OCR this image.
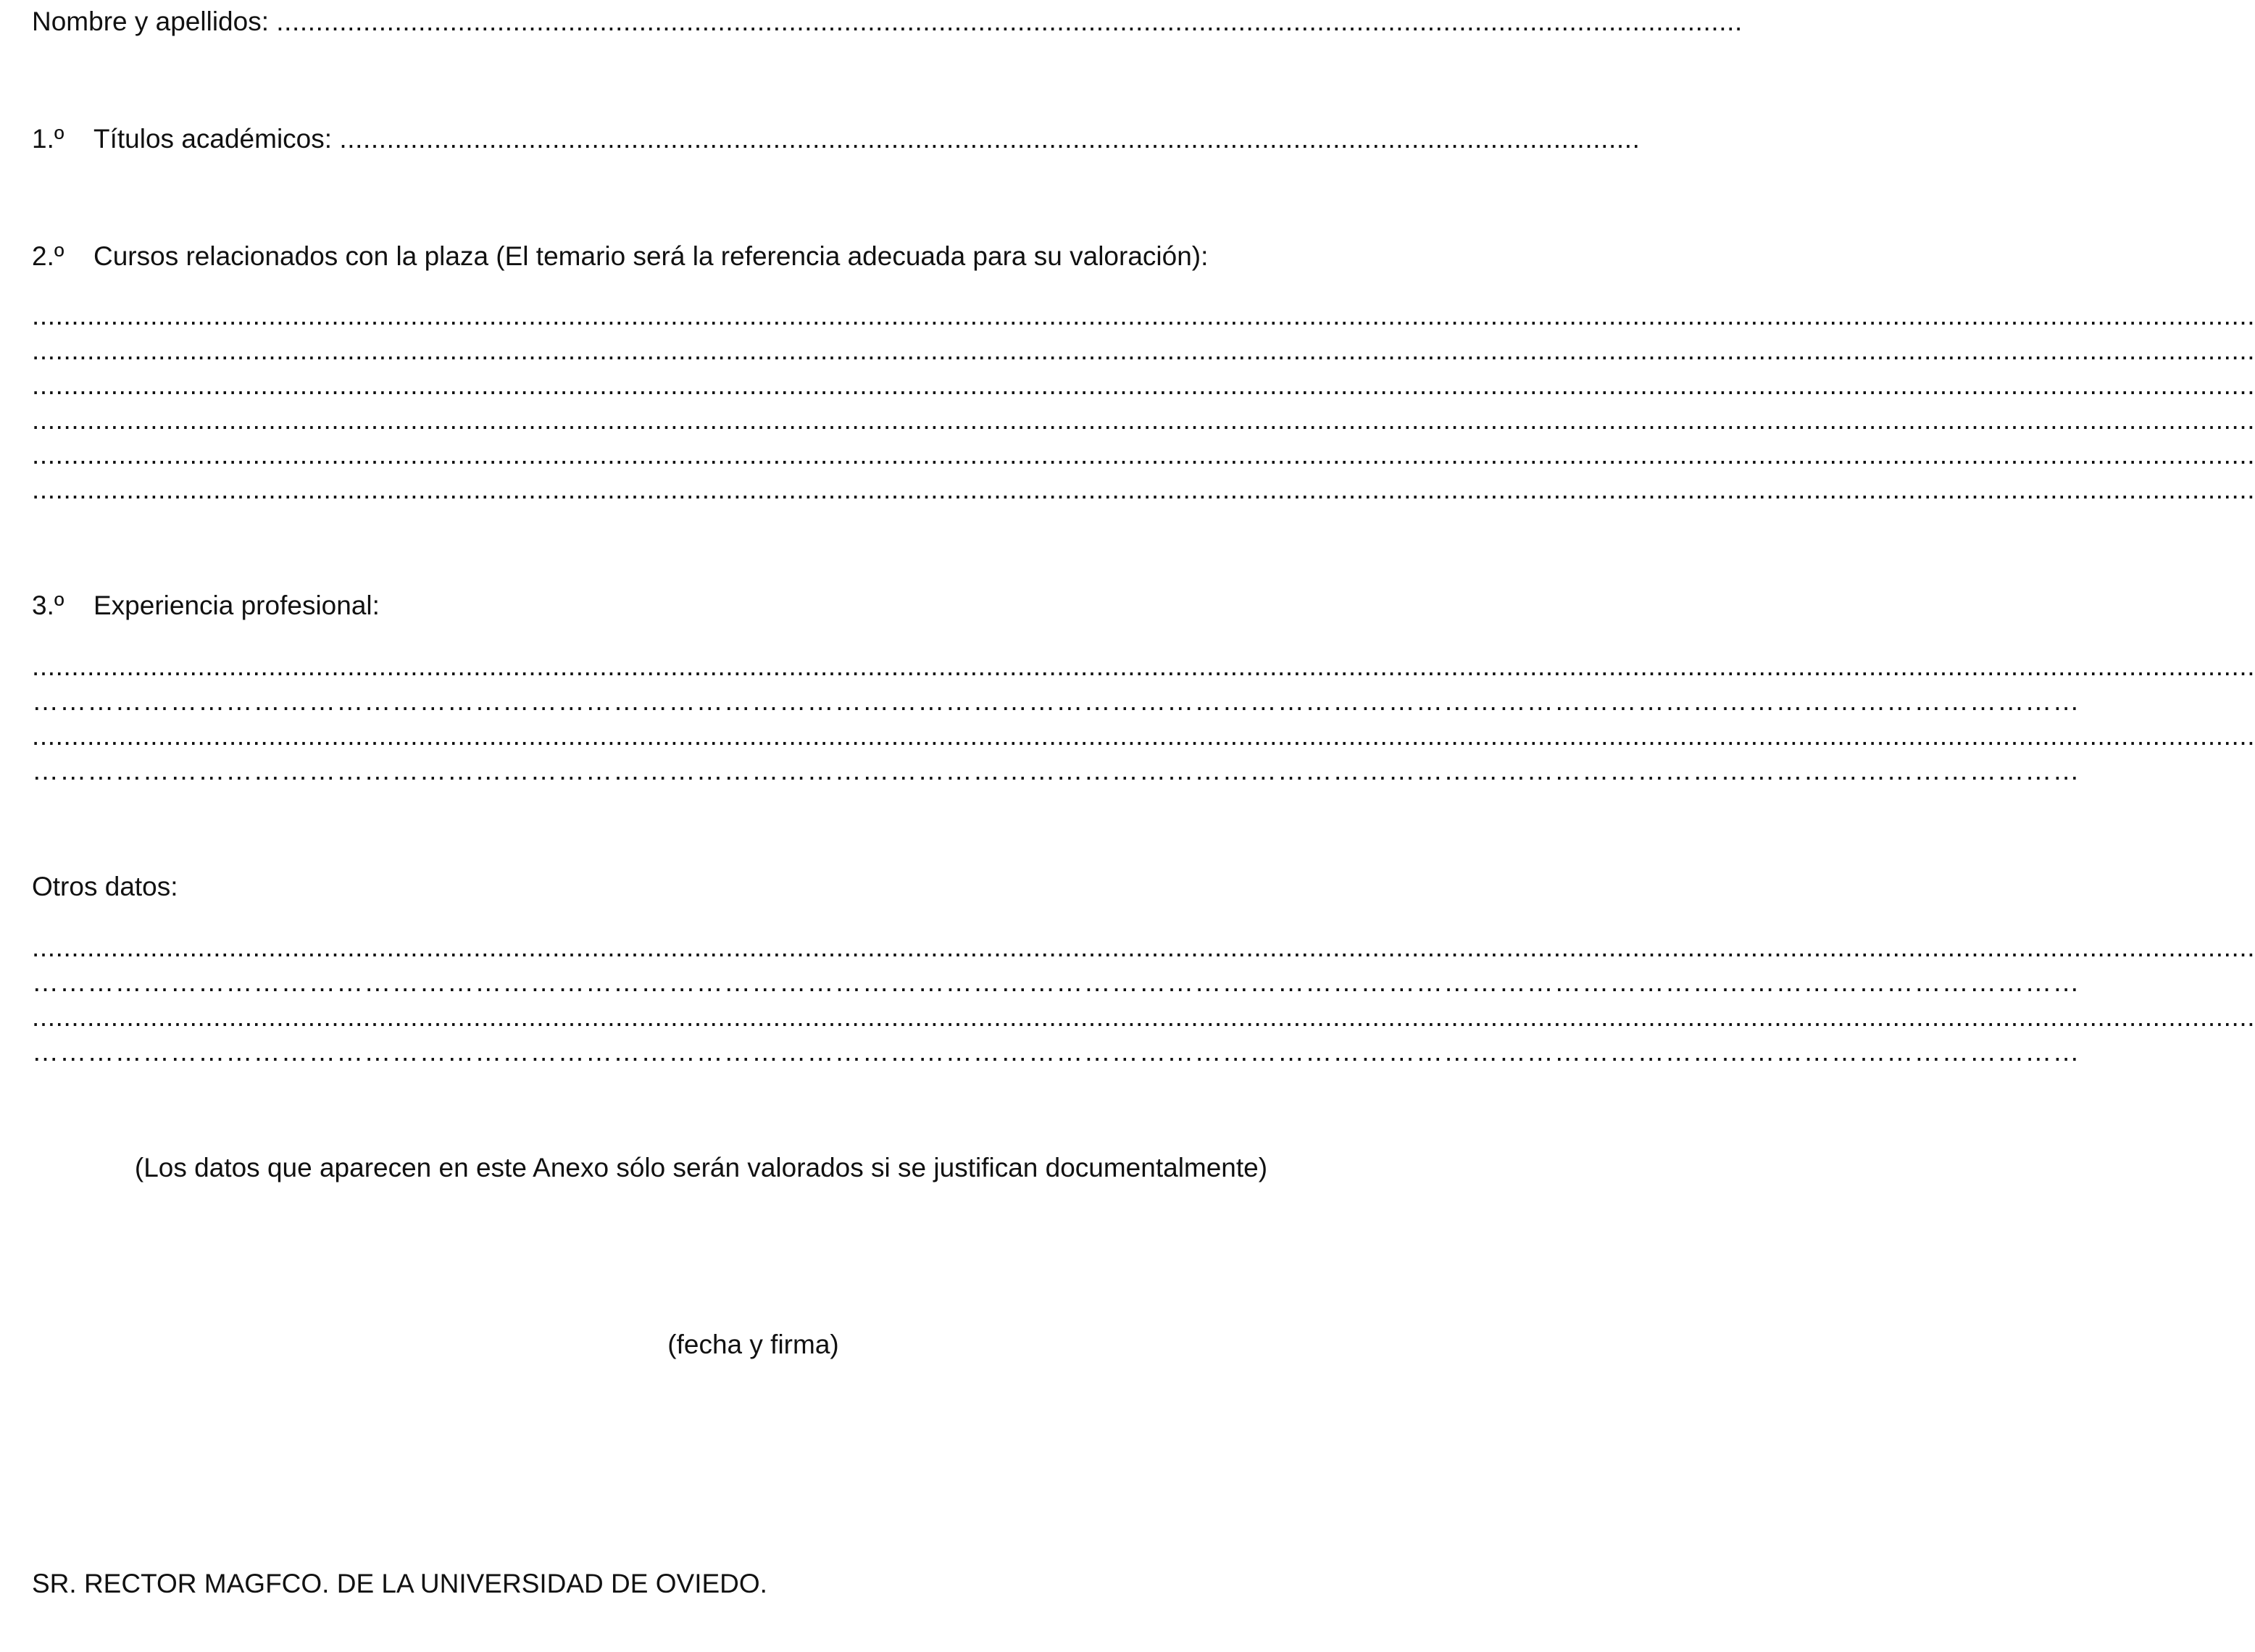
Nombre y apellidos: ..........................................................................................................................................................................................
1.º Títulos académicos: .....................................................................................................................................................................
2.º Cursos relacionados con la plaza (El temario será la referencia adecuada para su valoración):
..........................................................................................................................................................................................................................................................................................
..........................................................................................................................................................................................................................................................................................
..........................................................................................................................................................................................................................................................................................
..........................................................................................................................................................................................................................................................................................
..........................................................................................................................................................................................................................................................................................
..........................................................................................................................................................................................................................................................................................
3.º Experiencia profesional:
..........................................................................................................................................................................................................................................................................................
……………………………………………………………………………………………………………………………………………………………………………………………………
..........................................................................................................................................................................................................................................................................................
……………………………………………………………………………………………………………………………………………………………………………………………………
Otros datos:
..........................................................................................................................................................................................................................................................................................
……………………………………………………………………………………………………………………………………………………………………………………………………
..........................................................................................................................................................................................................................................................................................
……………………………………………………………………………………………………………………………………………………………………………………………………
(Los datos que aparecen en este Anexo sólo serán valorados si se justifican documentalmente)
(fecha y firma)
SR. RECTOR MAGFCO. DE LA UNIVERSIDAD DE OVIEDO.
